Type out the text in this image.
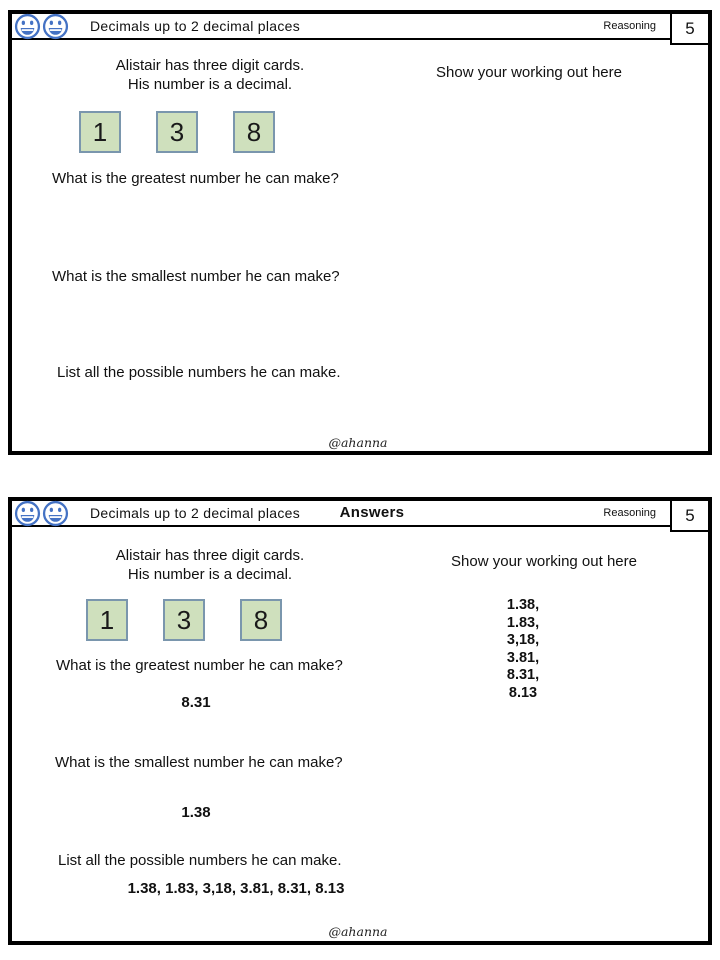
Decimals up to 2 decimal places	Reasoning	5
Alistair has three digit cards.
His number is a decimal.
1	3	8
What is the greatest number he can make?
What is the smallest number he can make?
List all the possible numbers he can make.
Show your working out here
@ahanna
Decimals up to 2 decimal places	Answers	Reasoning	5
Alistair has three digit cards.
His number is a decimal.
1	3	8
What is the greatest number he can make?
8.31
What is the smallest number he can make?
1.38
List all the possible numbers he can make.
1.38, 1.83, 3,18, 3.81, 8.31, 8.13
Show your working out here
1.38,
1.83,
3,18,
3.81,
8.31,
8.13
@ahanna
